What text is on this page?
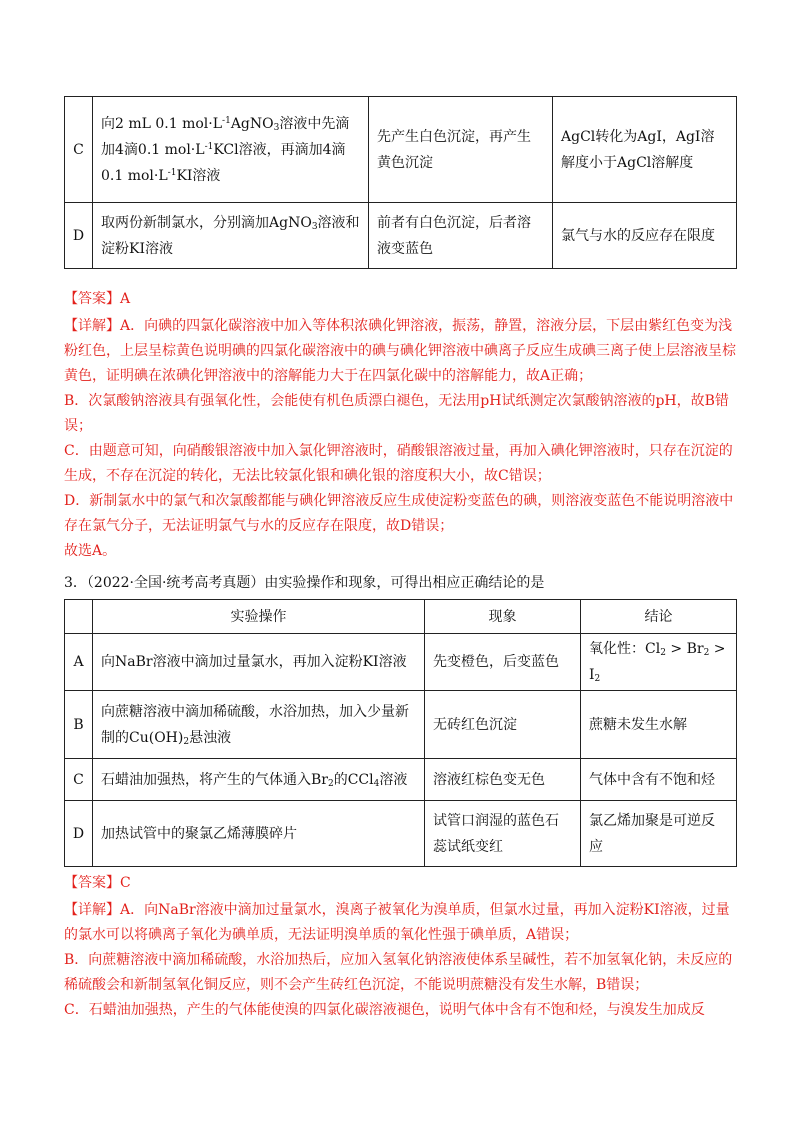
C	向2 mL 0.1 $mol\cdot L^{-1}AgNO_3$溶液中先滴加4滴0.1 $mol\cdot L^{-1}KCl$溶液，再滴加4滴0.1 $mol\cdot L^{-1}KI$溶液	先产生白色沉淀，再产生黄色沉淀	AgCl转化为AgI，AgI溶解度小于AgCl溶解度
D	取两份新制氯水，分别滴加AgNO$_3$溶液和淀粉KI溶液	前者有白色沉淀，后者溶液变蓝色	氯气与水的反应存在限度

【答案】A

【详解】A．向碘的四氯化碳溶液中加入等体积浓碘化钾溶液，振荡，静置，溶液分层，下层由紫红色变为浅粉红色，上层呈棕黄色说明碘的四氯化碳溶液中的碘与碘化钾溶液中碘离子反应生成碘三离子使上层溶液呈棕黄色，证明碘在浓碘化钾溶液中的溶解能力大于在四氯化碳中的溶解能力，故A正确；

B．次氯酸钠溶液具有强氧化性，会能使有机色质漂白褪色，无法用pH试纸测定次氯酸钠溶液的pH，故B错误；

C．由题意可知，向硝酸银溶液中加入氯化钾溶液时，硝酸银溶液过量，再加入碘化钾溶液时，只存在沉淀的生成，不存在沉淀的转化，无法比较氯化银和碘化银的溶度积大小，故C错误；

D．新制氯水中的氯气和次氯酸都能与碘化钾溶液反应生成使淀粉变蓝色的碘，则溶液变蓝色不能说明溶液中存在氯气分子，无法证明氯气与水的反应存在限度，故D错误；

故选A。

3．（2022·全国·统考高考真题）由实验操作和现象，可得出相应正确结论的是
	实验操作	现象	结论
A	向NaBr溶液中滴加过量氯水，再加入淀粉KI溶液	先变橙色，后变蓝色	氧化性：$Cl_2 > Br_2 > I_2$
B	向蔗糖溶液中滴加稀硫酸，水浴加热，加入少量新制的$Cu(OH)_2$悬浊液	无砖红色沉淀	蔗糖未发生水解
C	石蜡油加强热，将产生的气体通入$Br_2$的CCl$_4$溶液	溶液红棕色变无色	气体中含有不饱和烃
D	加热试管中的聚氯乙烯薄膜碎片	试管口润湿的蓝色石蕊试纸变红	氯乙烯加聚是可逆反应

【答案】C

【详解】A．向NaBr溶液中滴加过量氯水，溴离子被氧化为溴单质，但氯水过量，再加入淀粉KI溶液，过量的氯水可以将碘离子氧化为碘单质，无法证明溴单质的氧化性强于碘单质，A错误；

B．向蔗糖溶液中滴加稀硫酸，水浴加热后，应加入氢氧化钠溶液使体系呈碱性，若不加氢氧化钠，未反应的稀硫酸会和新制氢氧化铜反应，则不会产生砖红色沉淀，不能说明蔗糖没有发生水解，B错误；

C．石蜡油加强热，产生的气体能使溴的四氯化碳溶液褪色，说明气体中含有不饱和烃，与溴发生加成反
